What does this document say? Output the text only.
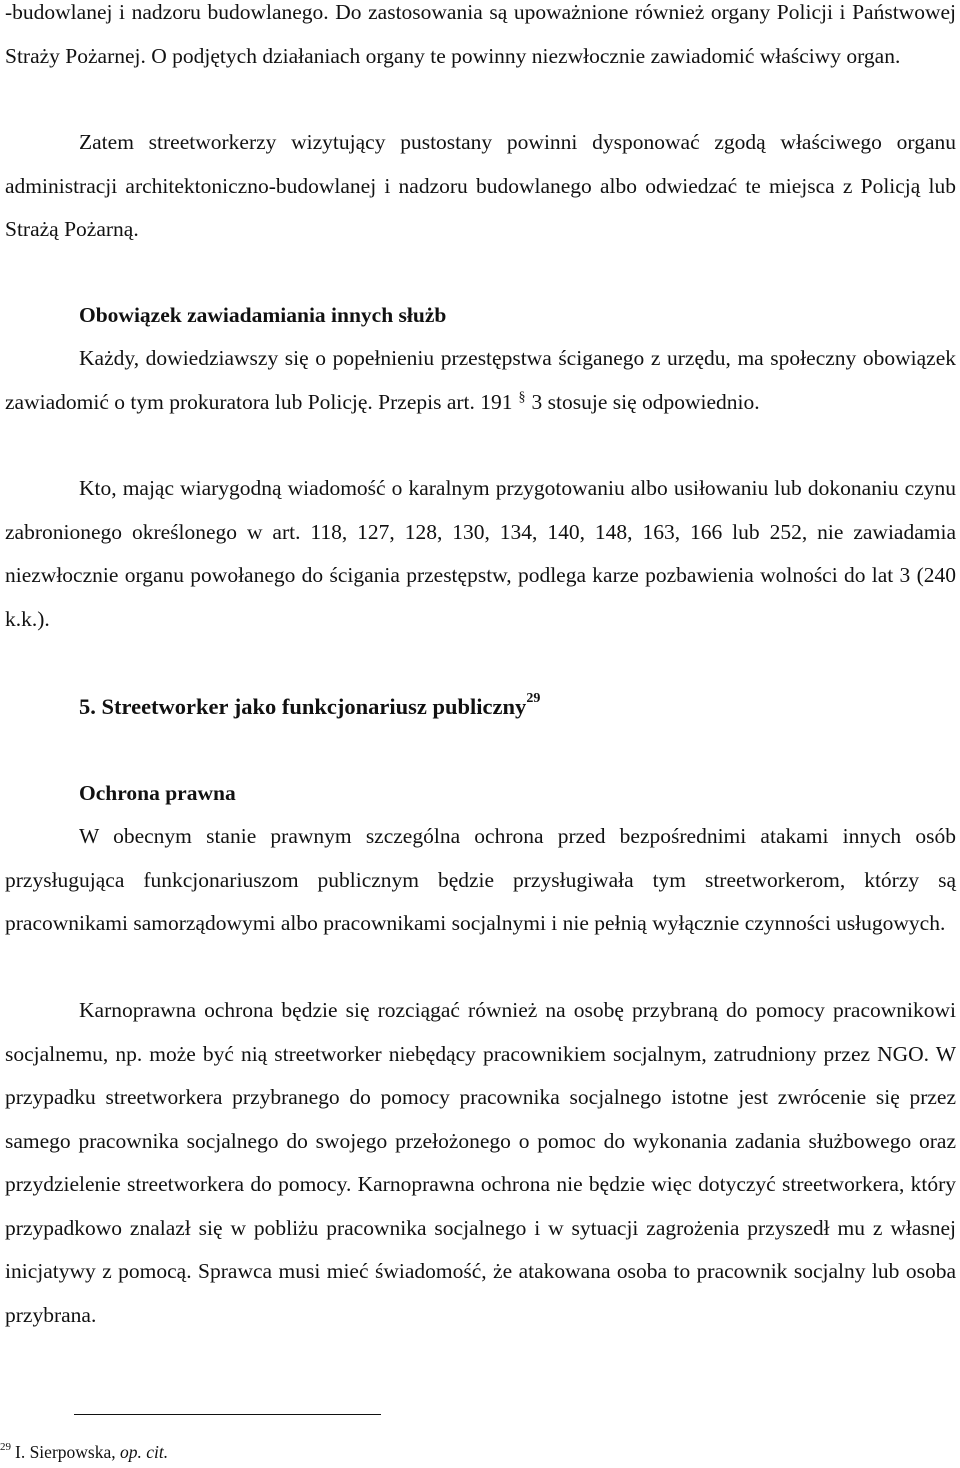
-budowlanej i nadzoru budowlanego. Do zastosowania są upoważnione również organy Policji i Państwowej Straży Pożarnej. O podjętych działaniach organy te powinny niezwłocznie zawiadomić właściwy organ.

Zatem streetworkerzy wizytujący pustostany powinni dysponować zgodą właściwego organu administracji architektoniczno-budowlanej i nadzoru budowlanego albo odwiedzać te miejsca z Policją lub Strażą Pożarną.

Obowiązek zawiadamiania innych służb

Każdy, dowiedziawszy się o popełnieniu przestępstwa ściganego z urzędu, ma społeczny obowiązek zawiadomić o tym prokuratora lub Policję. Przepis art. 191 § 3 stosuje się odpowiednio.

Kto, mając wiarygodną wiadomość o karalnym przygotowaniu albo usiłowaniu lub dokonaniu czynu zabronionego określonego w art. 118, 127, 128, 130, 134, 140, 148, 163, 166 lub 252, nie zawiadamia niezwłocznie organu powołanego do ścigania przestępstw, podlega karze pozbawienia wolności do lat 3 (240 k.k.).

5. Streetworker jako funkcjonariusz publiczny$^{29}$
Ochrona prawna

W obecnym stanie prawnym szczególna ochrona przed bezpośrednimi atakami innych osób przysługująca funkcjonariuszom publicznym będzie przysługiwała tym streetworkerom, którzy są pracownikami samorządowymi albo pracownikami socjalnymi i nie pełnią wyłącznie czynności usługowych.

Karnoprawna ochrona będzie się rozciągać również na osobę przybraną do pomocy pracownikowi socjalnemu, np. może być nią streetworker niebędący pracownikiem socjalnym, zatrudniony przez NGO. W przypadku streetworkera przybranego do pomocy pracownika socjalnego istotne jest zwrócenie się przez samego pracownika socjalnego do swojego przełożonego o pomoc do wykonania zadania służbowego oraz przydzielenie streetworkera do pomocy. Karnoprawna ochrona nie będzie więc dotyczyć streetworkera, który przypadkowo znalazł się w pobliżu pracownika socjalnego i w sytuacji zagrożenia przyszedł mu z własnej inicjatywy z pomocą. Sprawca musi mieć świadomość, że atakowana osoba to pracownik socjalny lub osoba przybrana.

$^{29}$ I. Sierpowska, op. cit.
